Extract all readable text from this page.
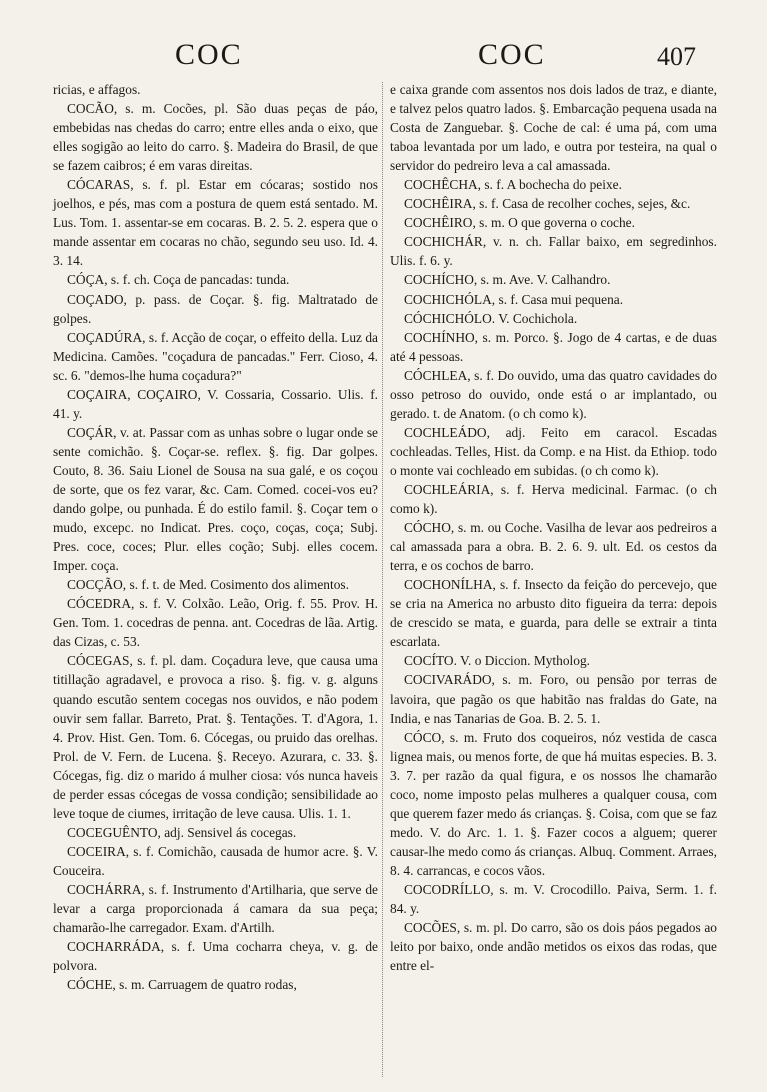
COC	COC	407

ricias, e affagos.

COCÃO, s. m. Cocões, pl. São duas peças de páo, embebidas nas chedas do carro; entre elles anda o eixo, que elles sogigão ao leito do carro. §. Madeira do Brasil, de que se fazem caibros; é em varas direitas.

CÓCARAS, s. f. pl. Estar em cócaras; sostido nos joelhos, e pés, mas com a postura de quem está sentado. M. Lus. Tom. 1. assentar-se em cocaras. B. 2. 5. 2. espera que o mande assentar em cocaras no chão, segundo seu uso. Id. 4. 3. 14.

CÓÇA, s. f. ch. Coça de pancadas: tunda.

COÇADO, p. pass. de Coçar. §. fig. Maltratado de golpes.

COÇADÚRA, s. f. Acção de coçar, o effeito della. Luz da Medicina. Camões. "coçadura de pancadas." Ferr. Cioso, 4. sc. 6. "demos-lhe huma coçadura?"

COÇAIRA, COÇAIRO, V. Cossaria, Cossario. Ulis. f. 41. y.

COÇÁR, v. at. Passar com as unhas sobre o lugar onde se sente comichão. §. Coçar-se. reflex. §. fig. Dar golpes. Couto, 8. 36. Saiu Lionel de Sousa na sua galé, e os coçou de sorte, que os fez varar, &c. Cam. Comed. cocei-vos eu? dando golpe, ou punhada. É do estilo famil. §. Coçar tem o mudo, excepc. no Indicat. Pres. coço, coças, coça; Subj. Pres. coce, coces; Plur. elles coção; Subj. elles cocem. Imper. coça.

COCÇÃO, s. f. t. de Med. Cosimento dos alimentos.

CÓCEDRA, s. f. V. Colxão. Leão, Orig. f. 55. Prov. H. Gen. Tom. 1. cocedras de penna. ant. Cocedras de lãa. Artig. das Cizas, c. 53.

CÓCEGAS, s. f. pl. dam. Coçadura leve, que causa uma titillação agradavel, e provoca a riso. §. fig. v. g. alguns quando escutão sentem cocegas nos ouvidos, e não podem ouvir sem fallar. Barreto, Prat. §. Tentações. T. d'Agora, 1. 4. Prov. Hist. Gen. Tom. 6. Cócegas, ou pruido das orelhas. Prol. de V. Fern. de Lucena. §. Receyo. Azurara, c. 33. §. Cócegas, fig. diz o marido á mulher ciosa: vós nunca haveis de perder essas cócegas de vossa condição; sensibilidade ao leve toque de ciumes, irritação de leve causa. Ulis. 1. 1.

COCEGUÊNTO, adj. Sensivel ás cocegas.

COCEIRA, s. f. Comichão, causada de humor acre. §. V. Couceira.

COCHÁRRA, s. f. Instrumento d'Artilharia, que serve de levar a carga proporcionada á camara da sua peça; chamarão-lhe carregador. Exam. d'Artilh.

COCHARRÁDA, s. f. Uma cocharra cheya, v. g. de polvora.

CÓCHE, s. m. Carruagem de quatro rodas,

e caixa grande com assentos nos dois lados de traz, e diante, e talvez pelos quatro lados. §. Embarcação pequena usada na Costa de Zanguebar. §. Coche de cal: é uma pá, com uma taboa levantada por um lado, e outra por testeira, na qual o servidor do pedreiro leva a cal amassada.

COCHÊCHA, s. f. A bochecha do peixe.

COCHÊIRA, s. f. Casa de recolher coches, sejes, &c.

COCHÊIRO, s. m. O que governa o coche.

COCHICHÁR, v. n. ch. Fallar baixo, em segredinhos. Ulis. f. 6. y.

COCHÍCHO, s. m. Ave. V. Calhandro.

COCHICHÓLA, s. f. Casa mui pequena.

CÓCHICHÓLO. V. Cochichola.

COCHÍNHO, s. m. Porco. §. Jogo de 4 cartas, e de duas até 4 pessoas.

CÓCHLEA, s. f. Do ouvido, uma das quatro cavidades do osso petroso do ouvido, onde está o ar implantado, ou gerado. t. de Anatom. (o ch como k).

COCHLEÁDO, adj. Feito em caracol. Escadas cochleadas. Telles, Hist. da Comp. e na Hist. da Ethiop. todo o monte vai cochleado em subidas. (o ch como k).

COCHLEÁRIA, s. f. Herva medicinal. Farmac. (o ch como k).

CÓCHO, s. m. ou Coche. Vasilha de levar aos pedreiros a cal amassada para a obra. B. 2. 6. 9. ult. Ed. os cestos da terra, e os cochos de barro.

COCHONÍLHA, s. f. Insecto da feição do percevejo, que se cria na America no arbusto dito figueira da terra: depois de crescido se mata, e guarda, para delle se extrair a tinta escarlata.

COCÍTO. V. o Diccion. Mytholog.

COCIVARÁDO, s. m. Foro, ou pensão por terras de lavoira, que pagão os que habitão nas fraldas do Gate, na India, e nas Tanarias de Goa. B. 2. 5. 1.

CÓCO, s. m. Fruto dos coqueiros, nóz vestida de casca lignea mais, ou menos forte, de que há muitas especies. B. 3. 3. 7. per razão da qual figura, e os nossos lhe chamarão coco, nome imposto pelas mulheres a qualquer cousa, com que querem fazer medo ás crianças. §. Coisa, com que se faz medo. V. do Arc. 1. 1. §. Fazer cocos a alguem; querer causar-lhe medo como ás crianças. Albuq. Comment. Arraes, 8. 4. carrancas, e cocos vãos.

COCODRÍLLO, s. m. V. Crocodillo. Paiva, Serm. 1. f. 84. y.

COCÕES, s. m. pl. Do carro, são os dois páos pegados ao leito por baixo, onde andão metidos os eixos das rodas, que entre el-
